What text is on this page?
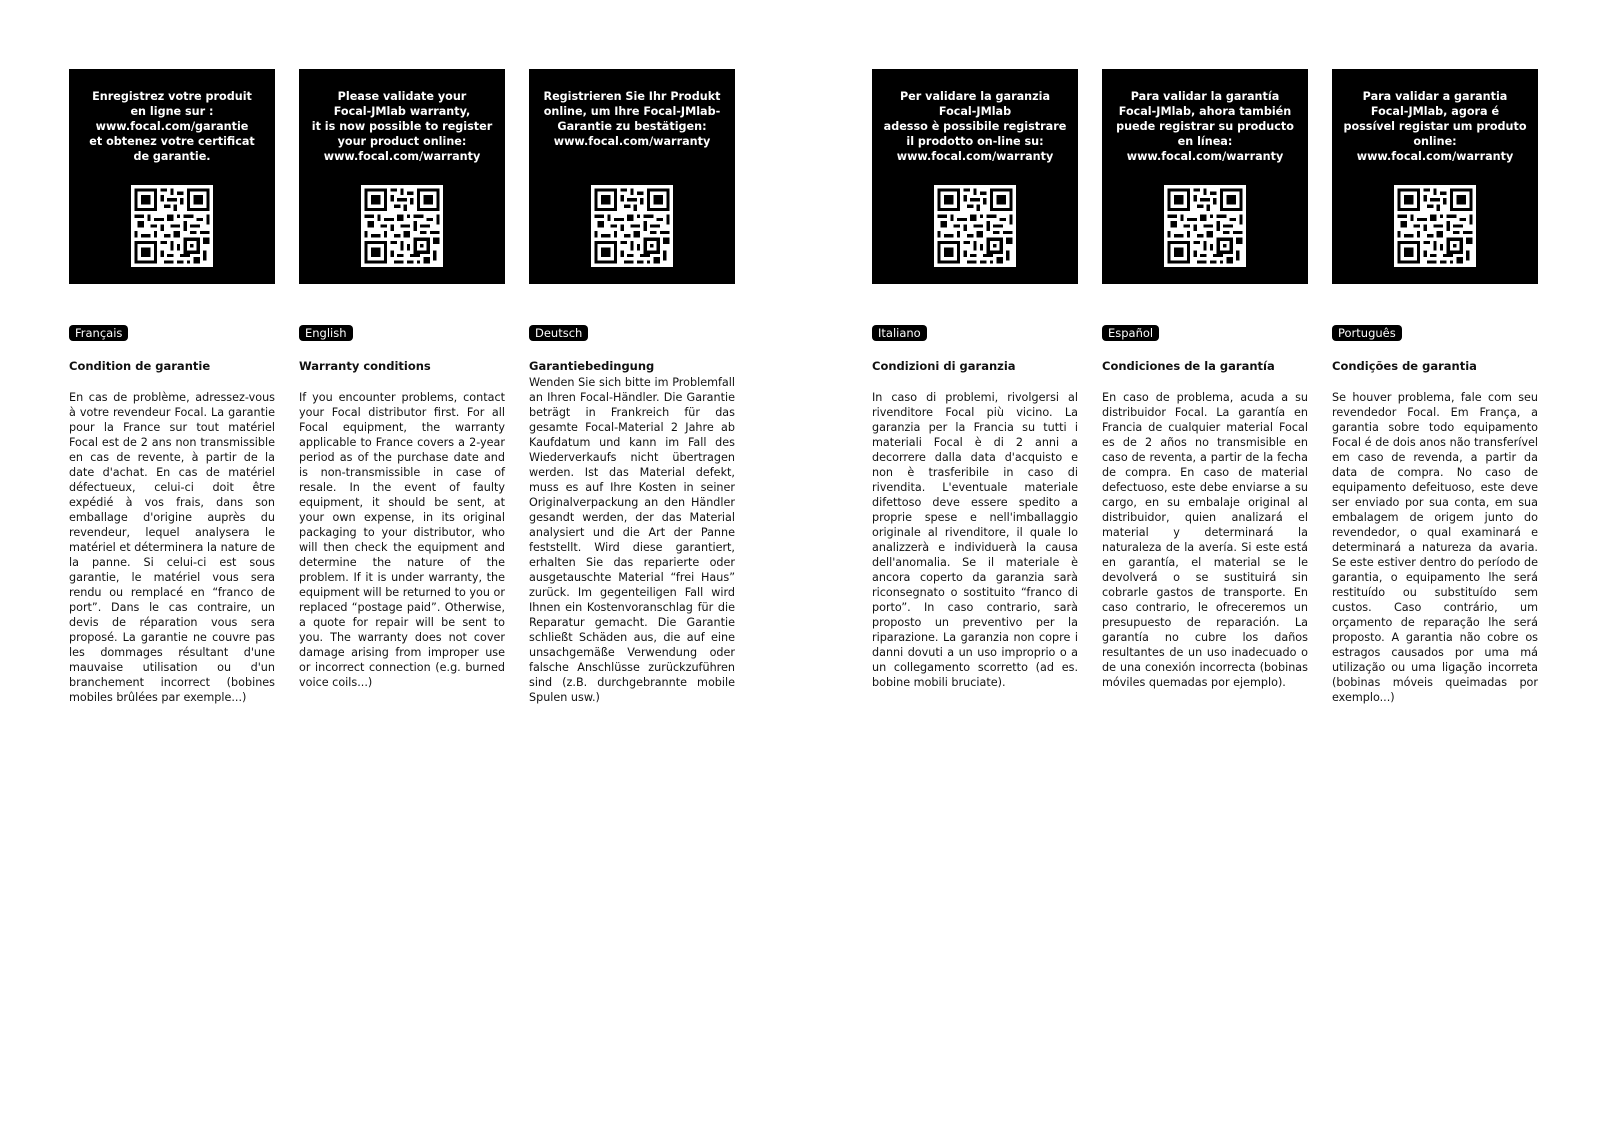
Enregistrez votre produit
en ligne sur :
www.focal.com/garantie
et obtenez votre certificat
de garantie.
Français
Condition de garantie

En cas de problème, adressez-vous à votre revendeur Focal. La garantie pour la France sur tout matériel Focal est de 2 ans non transmissible en cas de revente, à partir de la date d'achat. En cas de matériel défectueux, celui-ci doit être expédié à vos frais, dans son emballage d'origine auprès du revendeur, lequel analysera le matériel et déterminera la nature de la panne. Si celui-ci est sous garantie, le matériel vous sera rendu ou remplacé en “franco de port”. Dans le cas contraire, un devis de réparation vous sera proposé. La garantie ne couvre pas les dommages résultant d'une mauvaise utilisation ou d'un branchement incorrect (bobines mobiles brûlées par exemple...)

Please validate your
Focal-JMlab warranty,
it is now possible to register
your product online:
www.focal.com/warranty
English
Warranty conditions

If you encounter problems, contact your Focal distributor first. For all Focal equipment, the warranty applicable to France covers a 2-year period as of the purchase date and is non-transmissible in case of resale. In the event of faulty equipment, it should be sent, at your own expense, in its original packaging to your distributor, who will then check the equipment and determine the nature of the problem. If it is under warranty, the equipment will be returned to you or replaced “postage paid”. Otherwise, a quote for repair will be sent to you. The warranty does not cover damage arising from improper use or incorrect connection (e.g. burned voice coils...)

Registrieren Sie Ihr Produkt
online, um Ihre Focal-JMlab-
Garantie zu bestätigen:
www.focal.com/warranty
Deutsch
Garantiebedingung

Wenden Sie sich bitte im Problemfall an Ihren Focal-Händler. Die Garantie beträgt in Frankreich für das gesamte Focal-Material 2 Jahre ab Kaufdatum und kann im Fall des Wiederverkaufs nicht übertragen werden. Ist das Material defekt, muss es auf Ihre Kosten in seiner Originalverpackung an den Händler gesandt werden, der das Material analysiert und die Art der Panne feststellt. Wird diese garantiert, erhalten Sie das reparierte oder ausgetauschte Material “frei Haus” zurück. Im gegenteiligen Fall wird Ihnen ein Kostenvoranschlag für die Reparatur gemacht. Die Garantie schließt Schäden aus, die auf eine unsachgemäße Verwendung oder falsche Anschlüsse zurückzuführen sind (z.B. durchgebrannte mobile Spulen usw.)

Per validare la garanzia
Focal-JMlab
adesso è possibile registrare
il prodotto on-line su:
www.focal.com/warranty
Italiano
Condizioni di garanzia

In caso di problemi, rivolgersi al rivenditore Focal più vicino. La garanzia per la Francia su tutti i materiali Focal è di 2 anni a decorrere dalla data d'acquisto e non è trasferibile in caso di rivendita. L'eventuale materiale difettoso deve essere spedito a proprie spese e nell'imballaggio originale al rivenditore, il quale lo analizzerà e individuerà la causa dell'anomalia. Se il materiale è ancora coperto da garanzia sarà riconsegnato o sostituito “franco di porto”. In caso contrario, sarà proposto un preventivo per la riparazione. La garanzia non copre i danni dovuti a un uso improprio o a un collegamento scorretto (ad es. bobine mobili bruciate).

Para validar la garantía
Focal-JMlab, ahora también
puede registrar su producto
en línea:
www.focal.com/warranty
Español
Condiciones de la garantía

En caso de problema, acuda a su distribuidor Focal. La garantía en Francia de cualquier material Focal es de 2 años no transmisible en caso de reventa, a partir de la fecha de compra. En caso de material defectuoso, este debe enviarse a su cargo, en su embalaje original al distribuidor, quien analizará el material y determinará la naturaleza de la avería. Si este está en garantía, el material se le devolverá o se sustituirá sin cobrarle gastos de transporte. En caso contrario, le ofreceremos un presupuesto de reparación. La garantía no cubre los daños resultantes de un uso inadecuado o de una conexión incorrecta (bobinas móviles quemadas por ejemplo).

Para validar a garantia
Focal-JMlab, agora é
possível registar um produto
online:
www.focal.com/warranty
Português
Condições de garantia

Se houver problema, fale com seu revendedor Focal. Em França, a garantia sobre todo equipamento Focal é de dois anos não transferível em caso de revenda, a partir da data de compra. No caso de equipamento defeituoso, este deve ser enviado por sua conta, em sua embalagem de origem junto do revendedor, o qual examinará e determinará a natureza da avaria. Se este estiver dentro do período de garantia, o equipamento lhe será restituído ou substituído sem custos. Caso contrário, um orçamento de reparação lhe será proposto. A garantia não cobre os estragos causados por uma má utilização ou uma ligação incorreta (bobinas móveis queimadas por exemplo...)
